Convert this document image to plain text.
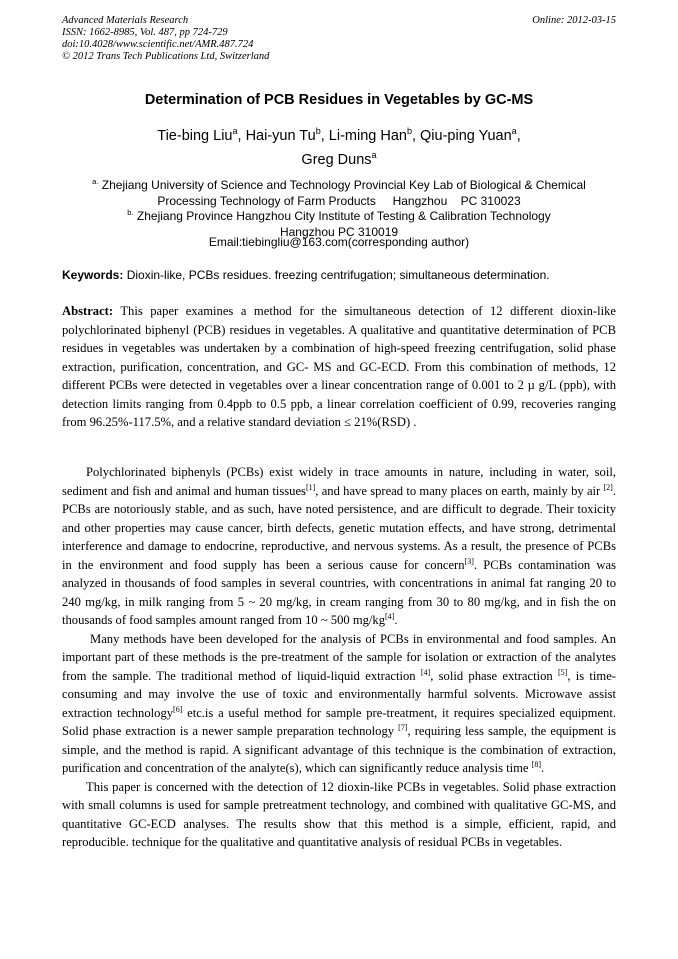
Advanced Materials Research
ISSN: 1662-8985, Vol. 487, pp 724-729
doi:10.4028/www.scientific.net/AMR.487.724
© 2012 Trans Tech Publications Ltd, Switzerland
Online: 2012-03-15
Determination of PCB Residues in Vegetables by GC-MS
Tie-bing Liu$^a$, Hai-yun Tu$^b$, Li-ming Han$^b$, Qiu-ping Yuan$^a$,
Greg Duns$^a$
$^{a.}$ Zhejiang University of Science and Technology Provincial Key Lab of Biological & Chemical
Processing Technology of Farm Products     Hangzhou    PC 310023
$^{b.}$ Zhejiang Province Hangzhou City Institute of Testing & Calibration Technology
Hangzhou PC 310019
Email:tiebingliu@163.com(corresponding author)
Keywords: Dioxin-like, PCBs residues. freezing centrifugation; simultaneous determination.

Abstract: This paper examines a method for the simultaneous detection of 12 different dioxin-like polychlorinated biphenyl (PCB) residues in vegetables. A qualitative and quantitative determination of PCB residues in vegetables was undertaken by a combination of high-speed freezing centrifugation, solid phase extraction, purification, concentration, and GC- MS and GC-ECD. From this combination of methods, 12 different PCBs were detected in vegetables over a linear concentration range of 0.001 to 2 µ g/L (ppb), with detection limits ranging from 0.4ppb to 0.5 ppb, a linear correlation coefficient of 0.99, recoveries ranging from 96.25%-117.5%, and a relative standard deviation ≤ 21%(RSD) .

Polychlorinated biphenyls (PCBs) exist widely in trace amounts in nature, including in water, soil, sediment and fish and animal and human tissues[1], and have spread to many places on earth, mainly by air [2]. PCBs are notoriously stable, and as such, have noted persistence, and are difficult to degrade. Their toxicity and other properties may cause cancer, birth defects, genetic mutation effects, and have strong, detrimental interference and damage to endocrine, reproductive, and nervous systems. As a result, the presence of PCBs in the environment and food supply has been a serious cause for concern[3]. PCBs contamination was analyzed in thousands of food samples in several countries, with concentrations in animal fat ranging 20 to 240 mg/kg, in milk ranging from 5 ~ 20 mg/kg, in cream ranging from 30 to 80 mg/kg, and in fish the on thousands of food samples amount ranged from 10 ~ 500 mg/kg[4].

Many methods have been developed for the analysis of PCBs in environmental and food samples. An important part of these methods is the pre-treatment of the sample for isolation or extraction of the analytes from the sample. The traditional method of liquid-liquid extraction [4], solid phase extraction [5], is time-consuming and may involve the use of toxic and environmentally harmful solvents. Microwave assist extraction technology[6] etc.is a useful method for sample pre-treatment, it requires specialized equipment. Solid phase extraction is a newer sample preparation technology [7], requiring less sample, the equipment is simple, and the method is rapid. A significant advantage of this technique is the combination of extraction, purification and concentration of the analyte(s), which can significantly reduce analysis time [8].

This paper is concerned with the detection of 12 dioxin-like PCBs in vegetables. Solid phase extraction with small columns is used for sample pretreatment technology, and combined with qualitative GC-MS, and quantitative GC-ECD analyses. The results show that this method is a simple, efficient, rapid, and reproducible. technique for the qualitative and quantitative analysis of residual PCBs in vegetables.
